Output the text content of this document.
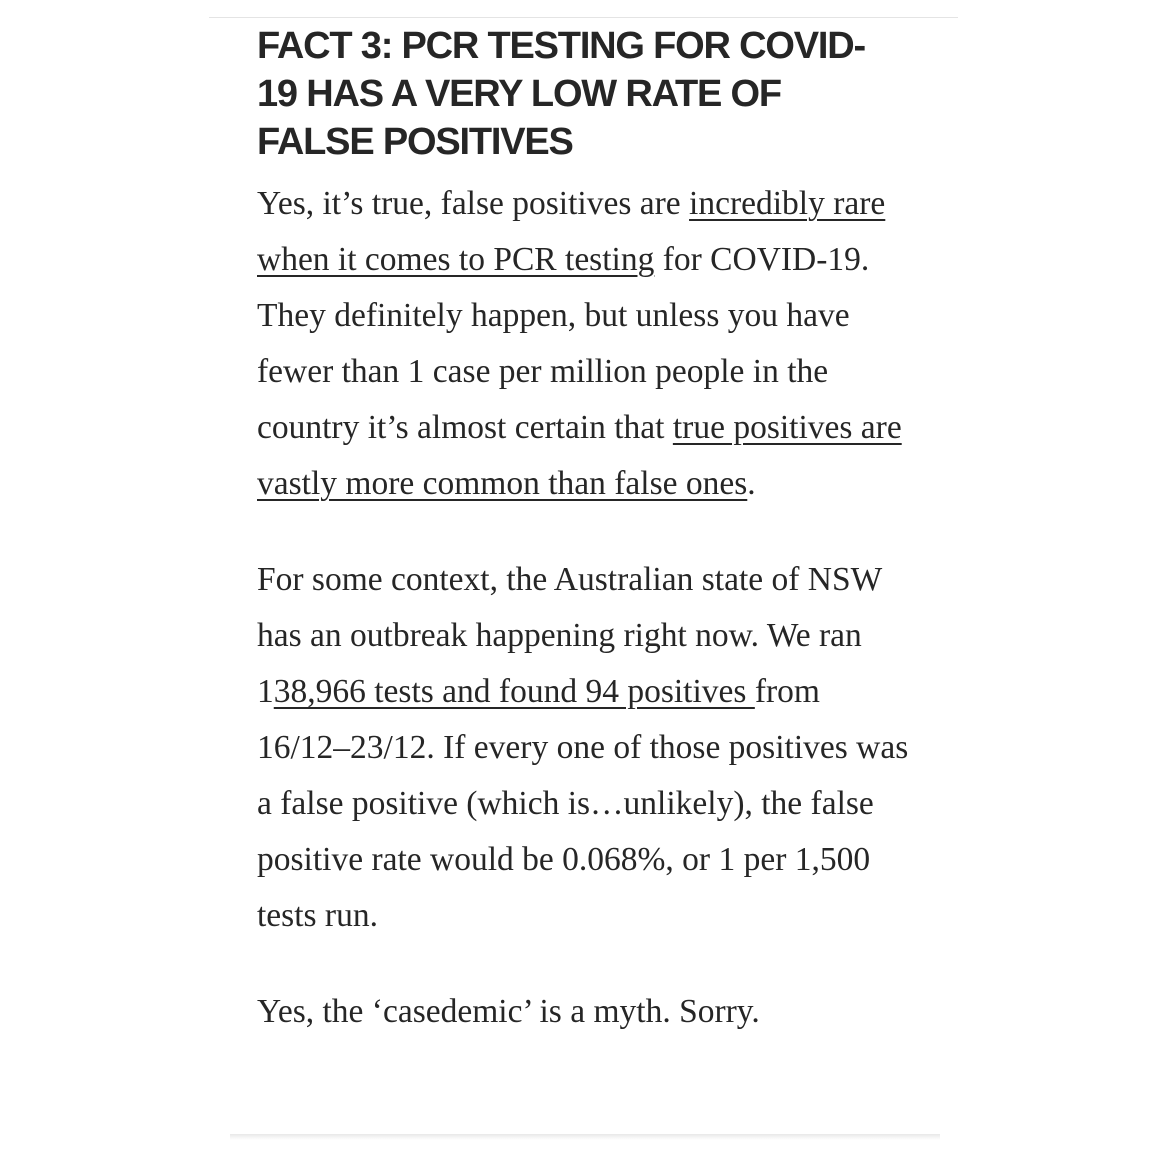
FACT 3: PCR TESTING FOR COVID-19 HAS A VERY LOW RATE OF FALSE POSITIVES

Yes, it’s true, false positives are incredibly rare when it comes to PCR testing for COVID-19. They definitely happen, but unless you have fewer than 1 case per million people in the country it’s almost certain that true positives are vastly more common than false ones.

For some context, the Australian state of NSW has an outbreak happening right now. We ran 138,966 tests and found 94 positives from 16/12–23/12. If every one of those positives was a false positive (which is…unlikely), the false positive rate would be 0.068%, or 1 per 1,500 tests run.

Yes, the ‘casedemic’ is a myth. Sorry.
